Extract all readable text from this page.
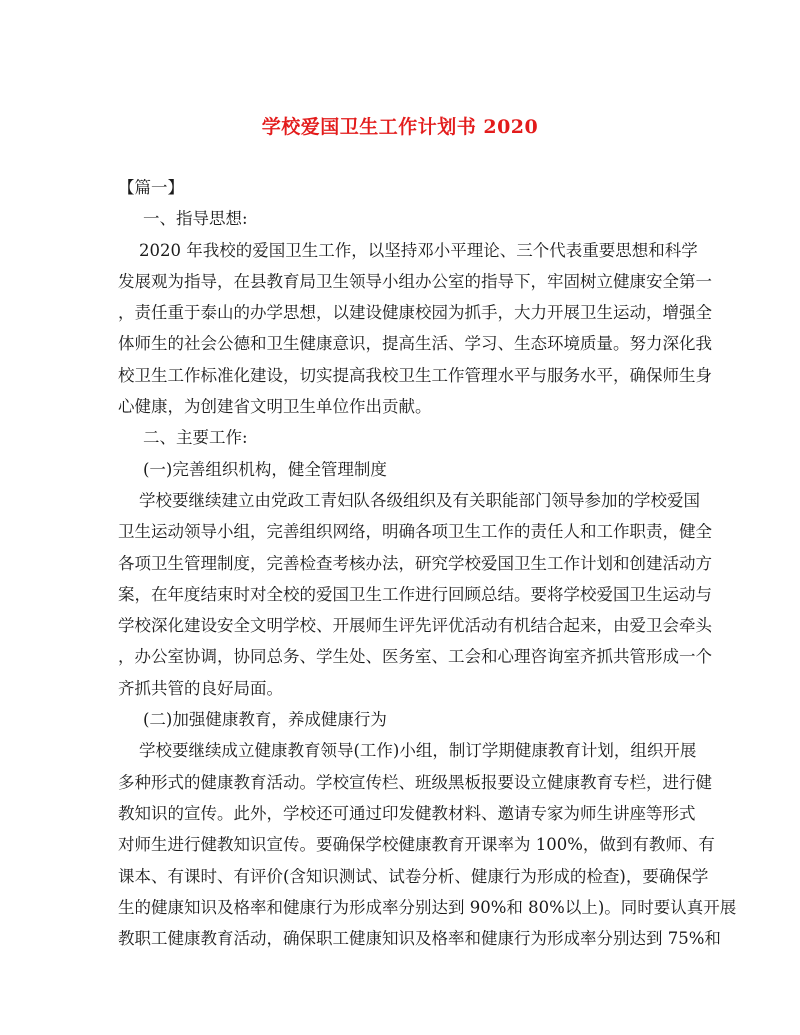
学校爱国卫生工作计划书 2020
【篇一】
一、指导思想:
2020 年我校的爱国卫生工作，以坚持邓小平理论、三个代表重要思想和科学
发展观为指导，在县教育局卫生领导小组办公室的指导下，牢固树立健康安全第一
，责任重于泰山的办学思想，以建设健康校园为抓手，大力开展卫生运动，增强全
体师生的社会公德和卫生健康意识，提高生活、学习、生态环境质量。努力深化我
校卫生工作标准化建设，切实提高我校卫生工作管理水平与服务水平，确保师生身
心健康，为创建省文明卫生单位作出贡献。
二、主要工作:
(一)完善组织机构，健全管理制度
学校要继续建立由党政工青妇队各级组织及有关职能部门领导参加的学校爱国
卫生运动领导小组，完善组织网络，明确各项卫生工作的责任人和工作职责，健全
各项卫生管理制度，完善检查考核办法，研究学校爱国卫生工作计划和创建活动方
案，在年度结束时对全校的爱国卫生工作进行回顾总结。要将学校爱国卫生运动与
学校深化建设安全文明学校、开展师生评先评优活动有机结合起来，由爱卫会牵头
，办公室协调，协同总务、学生处、医务室、工会和心理咨询室齐抓共管形成一个
齐抓共管的良好局面。
(二)加强健康教育，养成健康行为
学校要继续成立健康教育领导(工作)小组，制订学期健康教育计划，组织开展
多种形式的健康教育活动。学校宣传栏、班级黑板报要设立健康教育专栏，进行健
教知识的宣传。此外，学校还可通过印发健教材料、邀请专家为师生讲座等形式
对师生进行健教知识宣传。要确保学校健康教育开课率为 100%，做到有教师、有
课本、有课时、有评价(含知识测试、试卷分析、健康行为形成的检查)，要确保学
生的健康知识及格率和健康行为形成率分别达到 90%和 80%以上)。同时要认真开展
教职工健康教育活动，确保职工健康知识及格率和健康行为形成率分别达到 75%和
